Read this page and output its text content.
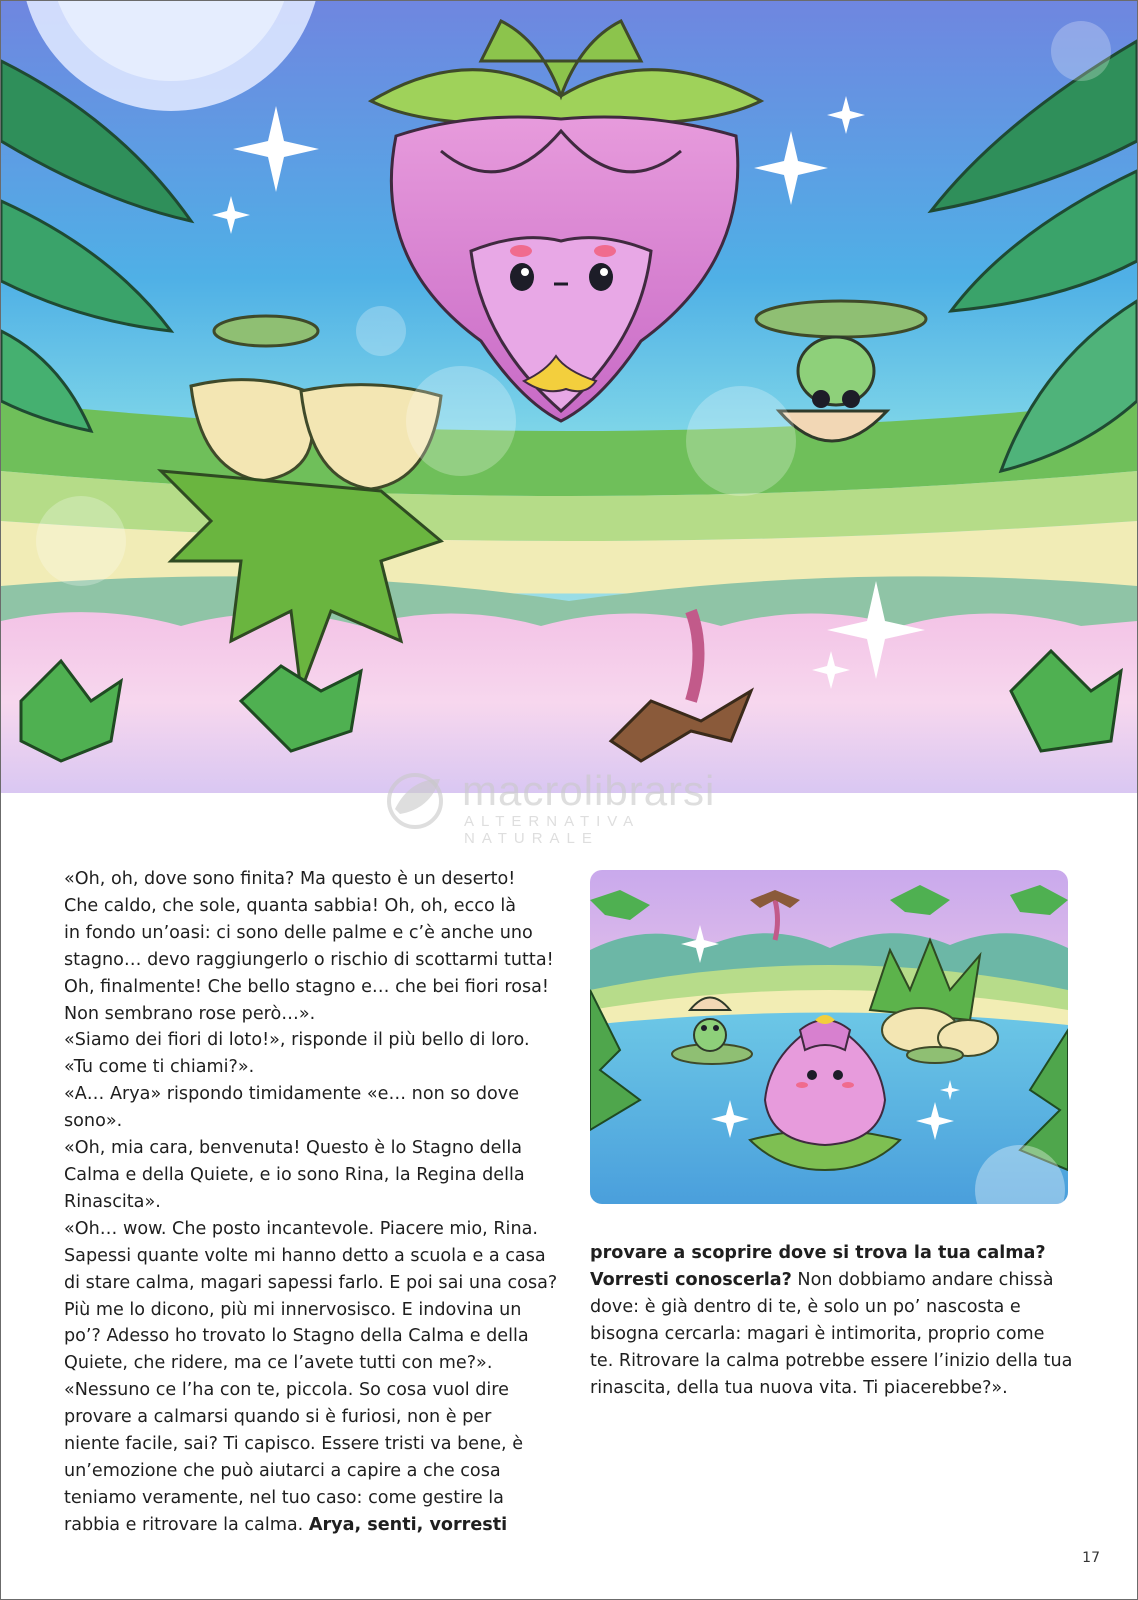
macrolibrarsi
ALTERNATIVA NATURALE

«Oh, oh, dove sono finita? Ma questo è un deserto!

Che caldo, che sole, quanta sabbia! Oh, oh, ecco là

in fondo un’oasi: ci sono delle palme e c’è anche uno

stagno… devo raggiungerlo o rischio di scottarmi tutta!

Oh, finalmente! Che bello stagno e… che bei fiori rosa!

Non sembrano rose però…».

«Siamo dei fiori di loto!», risponde il più bello di loro.

«Tu come ti chiami?».

«A… Arya» rispondo timidamente «e… non so dove

sono».

«Oh, mia cara, benvenuta! Questo è lo Stagno della

Calma e della Quiete, e io sono Rina, la Regina della

Rinascita».

«Oh… wow. Che posto incantevole. Piacere mio, Rina.

Sapessi quante volte mi hanno detto a scuola e a casa

di stare calma, magari sapessi farlo. E poi sai una cosa?

Più me lo dicono, più mi innervosisco. E indovina un

po’? Adesso ho trovato lo Stagno della Calma e della

Quiete, che ridere, ma ce l’avete tutti con me?».

«Nessuno ce l’ha con te, piccola. So cosa vuol dire

provare a calmarsi quando si è furiosi, non è per

niente facile, sai? Ti capisco. Essere tristi va bene, è

un’emozione che può aiutarci a capire a che cosa

teniamo veramente, nel tuo caso: come gestire la

rabbia e ritrovare la calma. Arya, senti, vorresti

provare a scoprire dove si trova la tua calma?

Vorresti conoscerla? Non dobbiamo andare chissà

dove: è già dentro di te, è solo un po’ nascosta e

bisogna cercarla: magari è intimorita, proprio come

te. Ritrovare la calma potrebbe essere l’inizio della tua

rinascita, della tua nuova vita. Ti piacerebbe?».

17
